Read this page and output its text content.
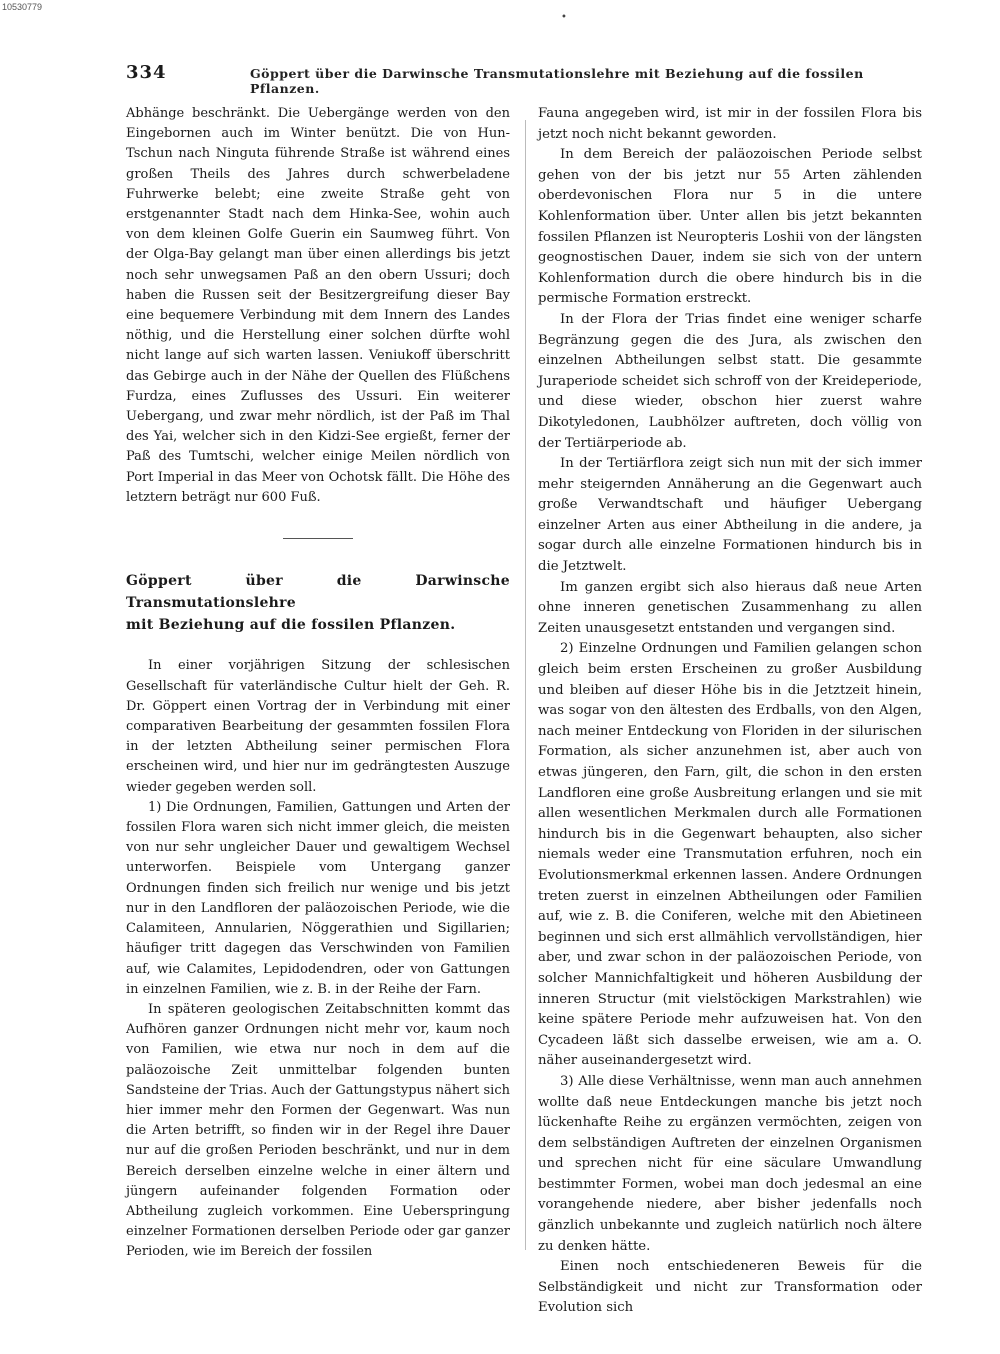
10530779
•
334	Göppert über die Darwinsche Transmutationslehre mit Beziehung auf die fossilen Pflanzen.

Abhänge beschränkt. Die Uebergänge werden von den Eingebornen auch im Winter benützt. Die von Hun-Tschun nach Ninguta führende Straße ist während eines großen Theils des Jahres durch schwerbeladene Fuhrwerke belebt; eine zweite Straße geht von erstgenannter Stadt nach dem Hinka-See, wohin auch von dem kleinen Golfe Guerin ein Saumweg führt. Von der Olga-Bay gelangt man über einen allerdings bis jetzt noch sehr unwegsamen Paß an den obern Ussuri; doch haben die Russen seit der Besitzergreifung dieser Bay eine bequemere Verbindung mit dem Innern des Landes nöthig, und die Herstellung einer solchen dürfte wohl nicht lange auf sich warten lassen. Veniukoff überschritt das Gebirge auch in der Nähe der Quellen des Flüßchens Furdza, eines Zuflusses des Ussuri. Ein weiterer Uebergang, und zwar mehr nördlich, ist der Paß im Thal des Yai, welcher sich in den Kidzi-See ergießt, ferner der Paß des Tumtschi, welcher einige Meilen nördlich von Port Imperial in das Meer von Ochotsk fällt. Die Höhe des letztern beträgt nur 600 Fuß.

Göppert über die Darwinsche Transmutationslehre

mit Beziehung auf die fossilen Pflanzen.

In einer vorjährigen Sitzung der schlesischen Gesellschaft für vaterländische Cultur hielt der Geh. R. Dr. Göppert einen Vortrag der in Verbindung mit einer comparativen Bearbeitung der gesammten fossilen Flora in der letzten Abtheilung seiner permischen Flora erscheinen wird, und hier nur im gedrängtesten Auszuge wieder gegeben werden soll.

1) Die Ordnungen, Familien, Gattungen und Arten der fossilen Flora waren sich nicht immer gleich, die meisten von nur sehr ungleicher Dauer und gewaltigem Wechsel unterworfen. Beispiele vom Untergang ganzer Ordnungen finden sich freilich nur wenige und bis jetzt nur in den Landfloren der paläozoischen Periode, wie die Calamiteen, Annularien, Nöggerathien und Sigillarien; häufiger tritt dagegen das Verschwinden von Familien auf, wie Calamites, Lepidodendren, oder von Gattungen in einzelnen Familien, wie z. B. in der Reihe der Farn.

In späteren geologischen Zeitabschnitten kommt das Aufhören ganzer Ordnungen nicht mehr vor, kaum noch von Familien, wie etwa nur noch in dem auf die paläozoische Zeit unmittelbar folgenden bunten Sandsteine der Trias. Auch der Gattungstypus nähert sich hier immer mehr den Formen der Gegenwart. Was nun die Arten betrifft, so finden wir in der Regel ihre Dauer nur auf die großen Perioden beschränkt, und nur in dem Bereich derselben einzelne welche in einer ältern und jüngern aufeinander folgenden Formation oder Abtheilung zugleich vorkommen. Eine Ueberspringung einzelner Formationen derselben Periode oder gar ganzer Perioden, wie im Bereich der fossilen

Fauna angegeben wird, ist mir in der fossilen Flora bis jetzt noch nicht bekannt geworden.

In dem Bereich der paläozoischen Periode selbst gehen von der bis jetzt nur 55 Arten zählenden oberdevonischen Flora nur 5 in die untere Kohlenformation über. Unter allen bis jetzt bekannten fossilen Pflanzen ist Neuropteris Loshii von der längsten geognostischen Dauer, indem sie sich von der untern Kohlenformation durch die obere hindurch bis in die permische Formation erstreckt.

In der Flora der Trias findet eine weniger scharfe Begränzung gegen die des Jura, als zwischen den einzelnen Abtheilungen selbst statt. Die gesammte Juraperiode scheidet sich schroff von der Kreideperiode, und diese wieder, obschon hier zuerst wahre Dikotyledonen, Laubhölzer auftreten, doch völlig von der Tertiärperiode ab.

In der Tertiärflora zeigt sich nun mit der sich immer mehr steigernden Annäherung an die Gegenwart auch große Verwandtschaft und häufiger Uebergang einzelner Arten aus einer Abtheilung in die andere, ja sogar durch alle einzelne Formationen hindurch bis in die Jetztwelt.

Im ganzen ergibt sich also hieraus daß neue Arten ohne inneren genetischen Zusammenhang zu allen Zeiten unausgesetzt entstanden und vergangen sind.

2) Einzelne Ordnungen und Familien gelangen schon gleich beim ersten Erscheinen zu großer Ausbildung und bleiben auf dieser Höhe bis in die Jetztzeit hinein, was sogar von den ältesten des Erdballs, von den Algen, nach meiner Entdeckung von Floriden in der silurischen Formation, als sicher anzunehmen ist, aber auch von etwas jüngeren, den Farn, gilt, die schon in den ersten Landfloren eine große Ausbreitung erlangen und sie mit allen wesentlichen Merkmalen durch alle Formationen hindurch bis in die Gegenwart behaupten, also sicher niemals weder eine Transmutation erfuhren, noch ein Evolutionsmerkmal erkennen lassen. Andere Ordnungen treten zuerst in einzelnen Abtheilungen oder Familien auf, wie z. B. die Coniferen, welche mit den Abietineen beginnen und sich erst allmählich vervollständigen, hier aber, und zwar schon in der paläozoischen Periode, von solcher Mannichfaltigkeit und höheren Ausbildung der inneren Structur (mit vielstöckigen Markstrahlen) wie keine spätere Periode mehr aufzuweisen hat. Von den Cycadeen läßt sich dasselbe erweisen, wie am a. O. näher auseinandergesetzt wird.

3) Alle diese Verhältnisse, wenn man auch annehmen wollte daß neue Entdeckungen manche bis jetzt noch lückenhafte Reihe zu ergänzen vermöchten, zeigen von dem selbständigen Auftreten der einzelnen Organismen und sprechen nicht für eine säculare Umwandlung bestimmter Formen, wobei man doch jedesmal an eine vorangehende niedere, aber bisher jedenfalls noch gänzlich unbekannte und zugleich natürlich noch ältere zu denken hätte.

Einen noch entschiedeneren Beweis für die Selbständigkeit und nicht zur Transformation oder Evolution sich
